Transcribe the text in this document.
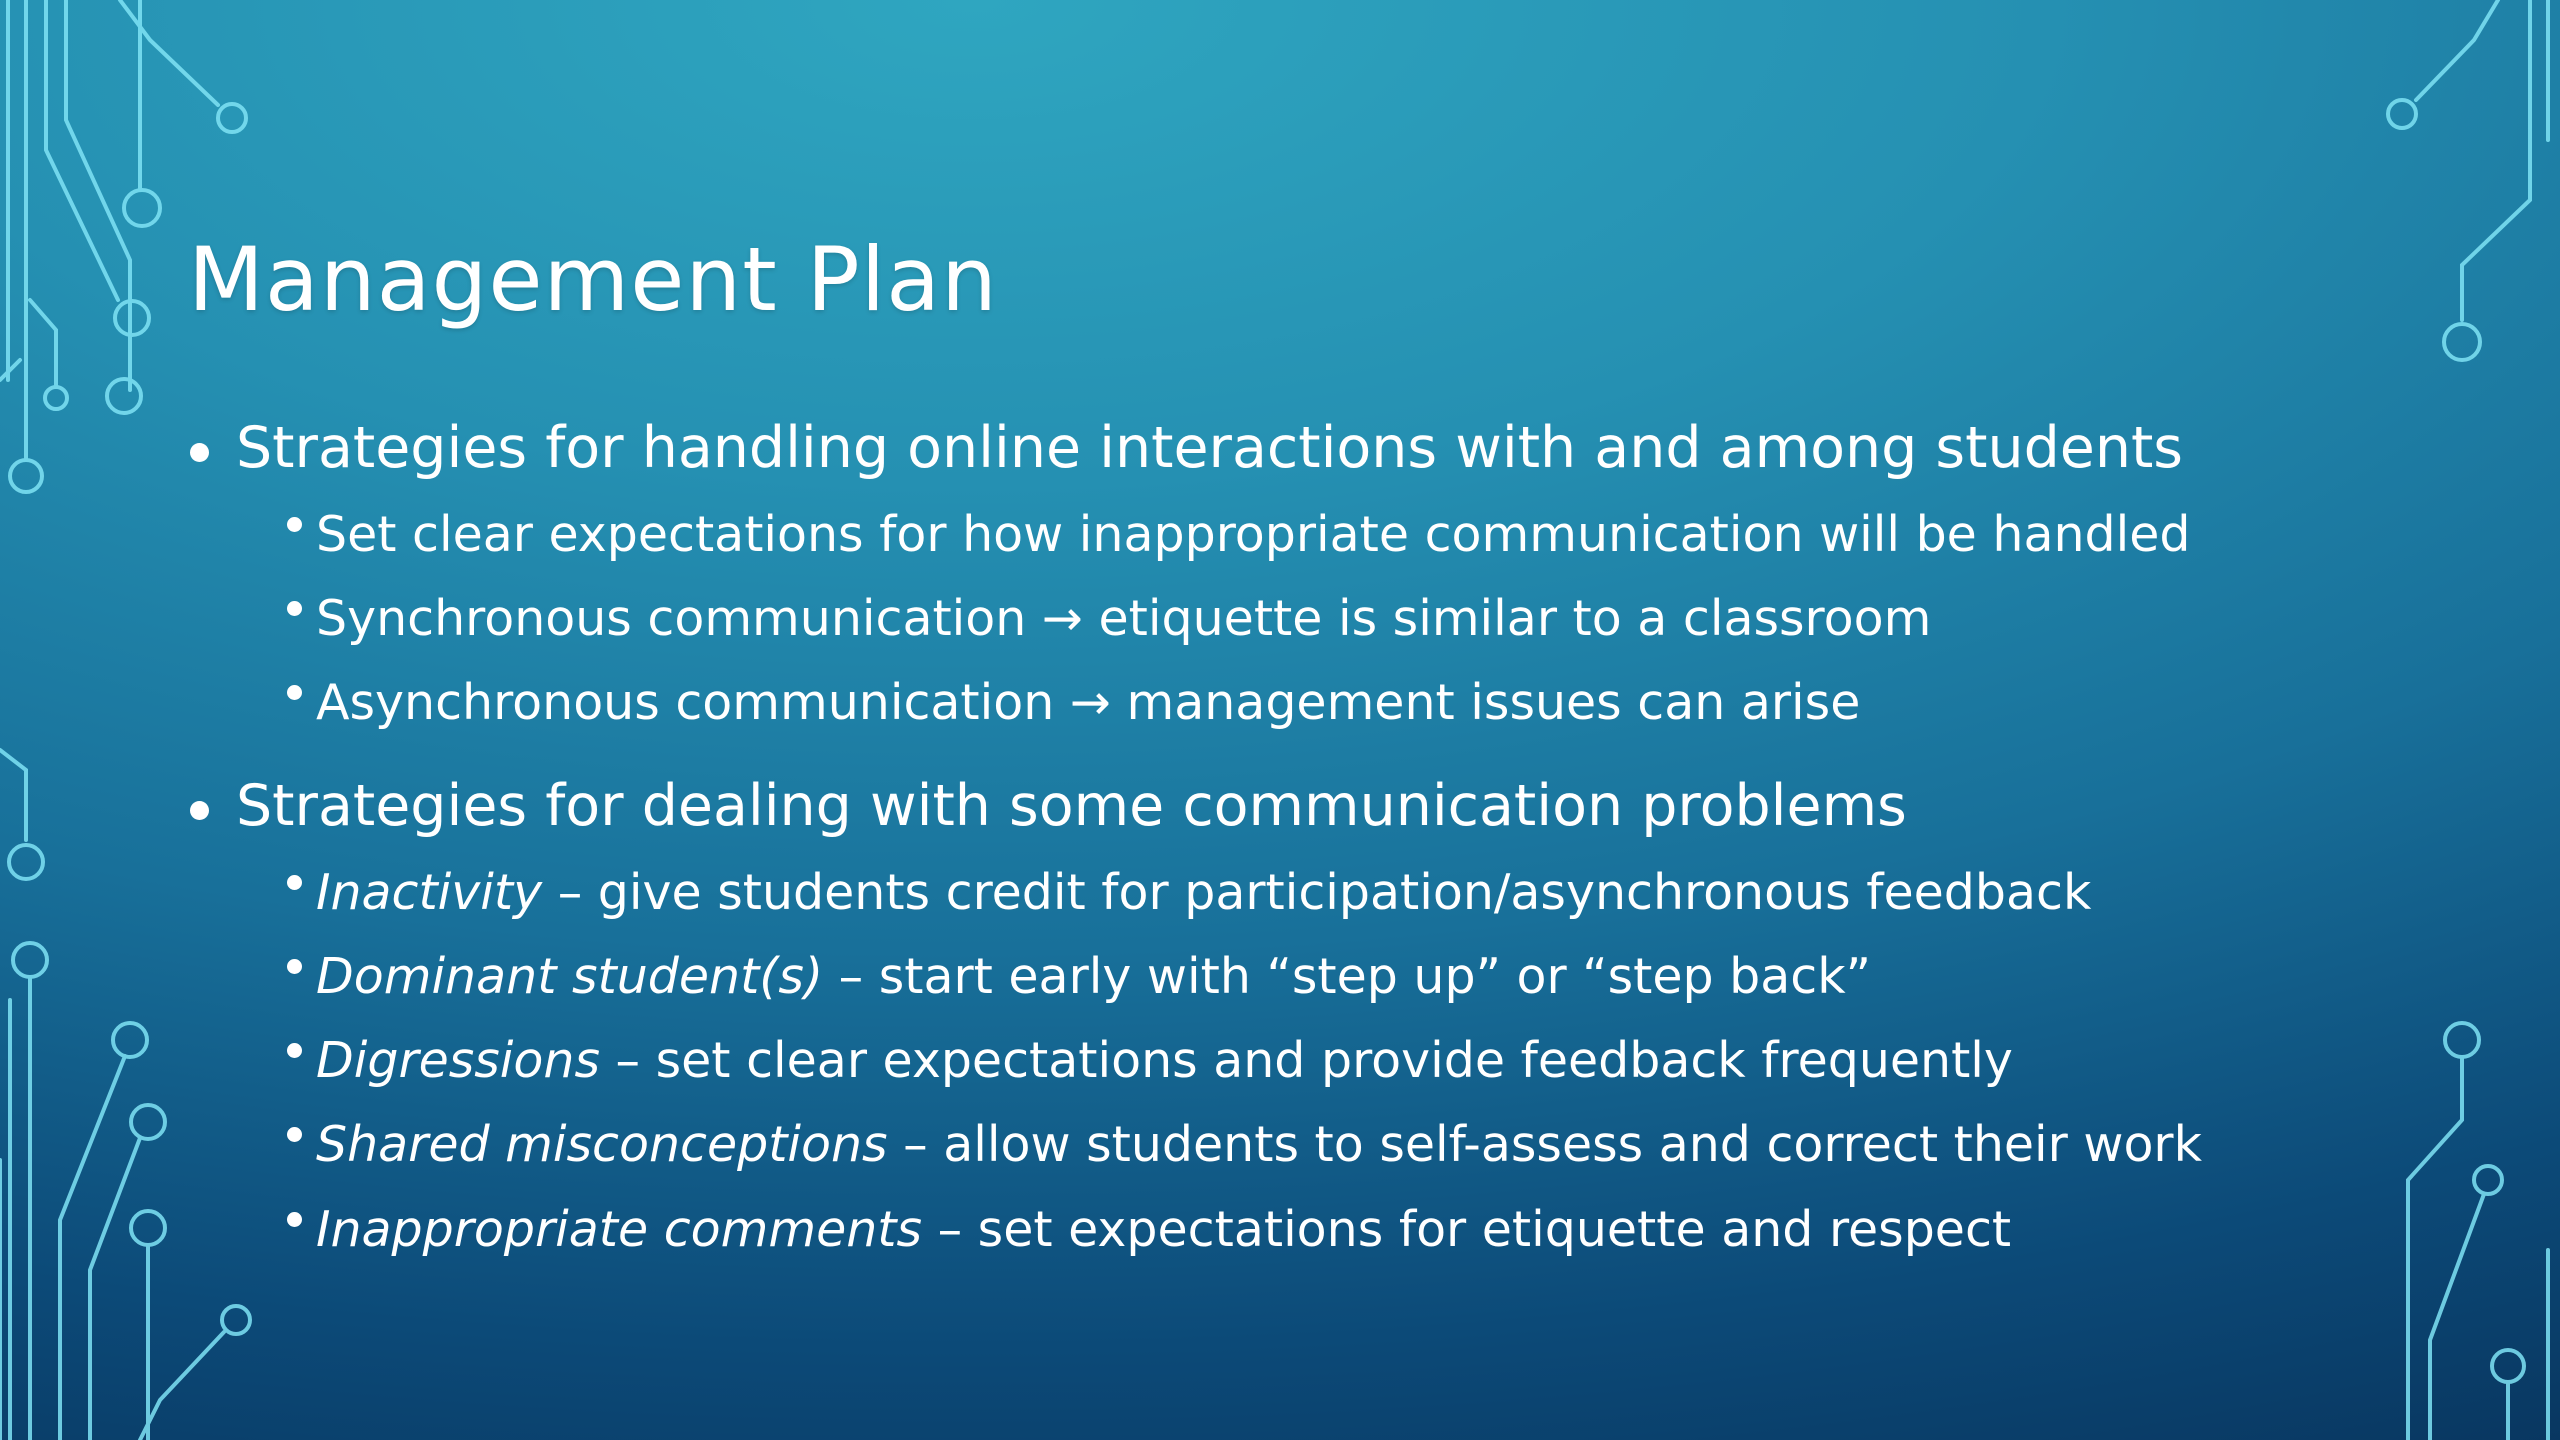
Management Plan
Strategies for handling online interactions with and among students
Set clear expectations for how inappropriate communication will be handled
Synchronous communication → etiquette is similar to a classroom
Asynchronous communication → management issues can arise
Strategies for dealing with some communication problems
Inactivity – give students credit for participation/asynchronous feedback
Dominant student(s) – start early with “step up” or “step back”
Digressions – set clear expectations and provide feedback frequently
Shared misconceptions – allow students to self-assess and correct their work
Inappropriate comments – set expectations for etiquette and respect
